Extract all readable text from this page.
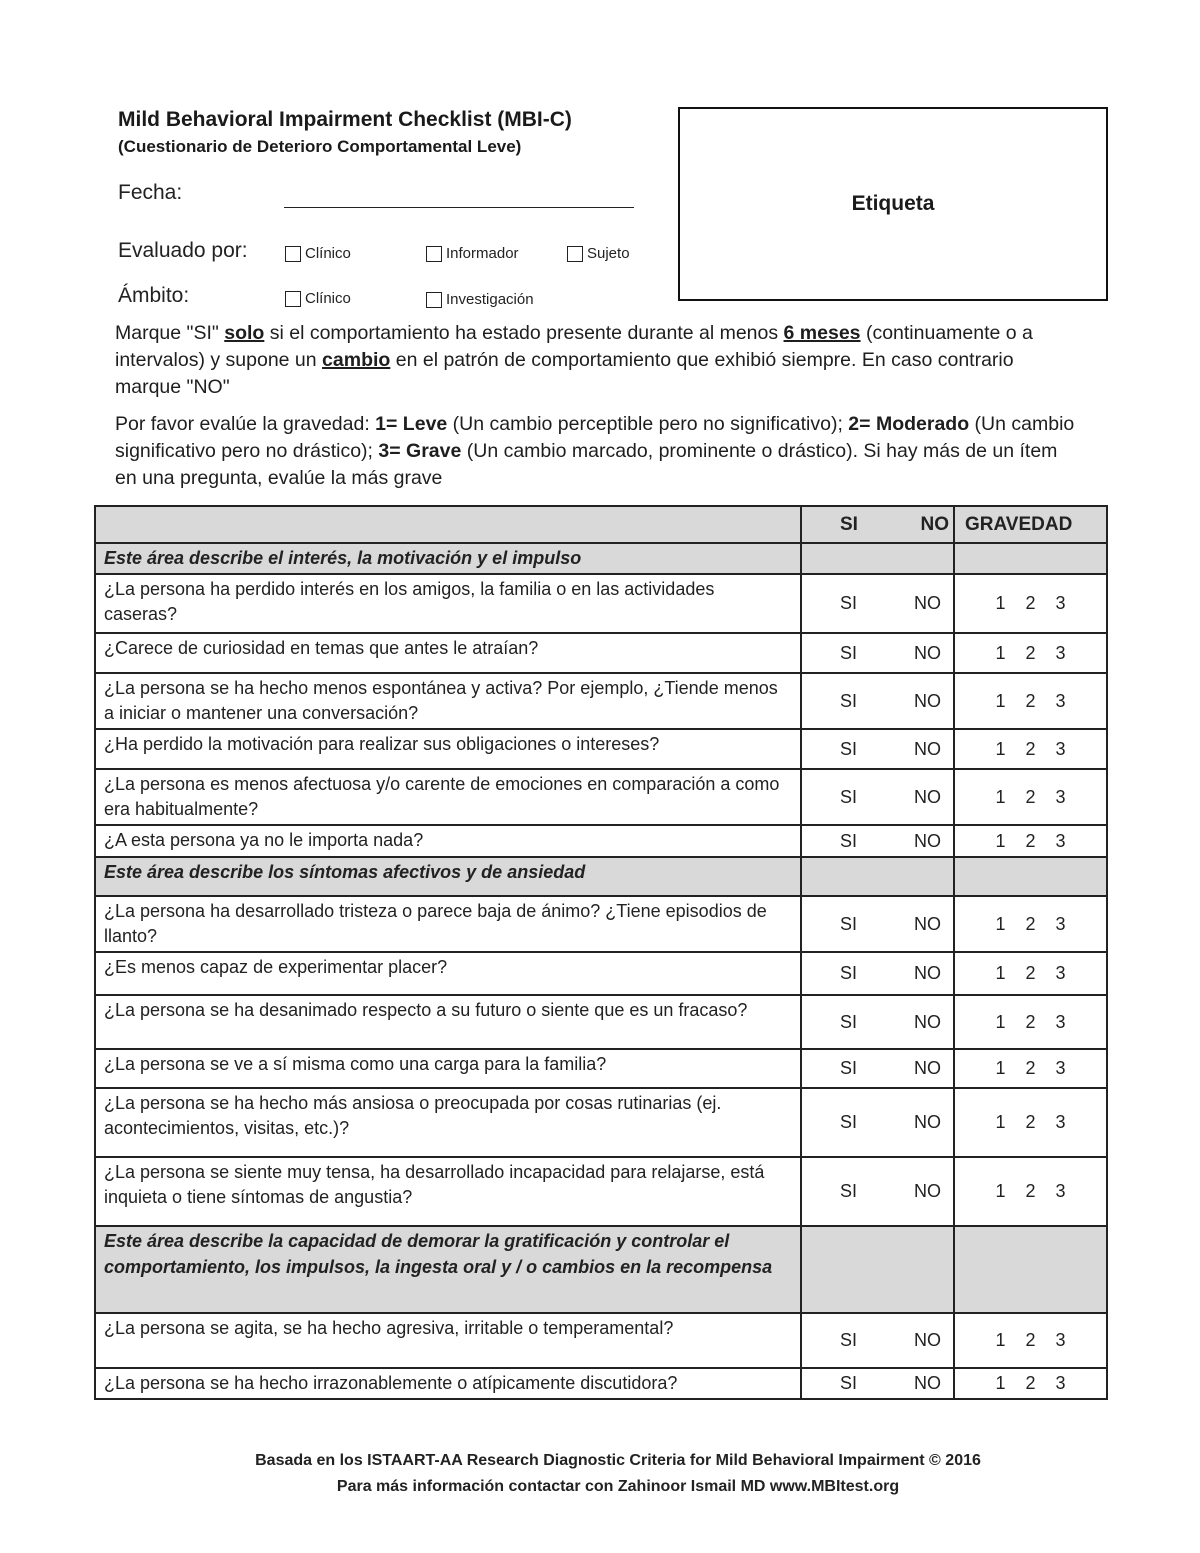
Mild Behavioral Impairment Checklist (MBI-C)
(Cuestionario de Deterioro Comportamental Leve)
Etiqueta
Fecha:
Evaluado por:	Clínico	Informador	Sujeto
Ámbito:	Clínico	Investigación
Marque "SI" solo si el comportamiento ha estado presente durante al menos 6 meses (continuamente o a intervalos) y supone un cambio en el patrón de comportamiento que exhibió siempre. En caso contrario marque "NO"
Por favor evalúe la gravedad: 1= Leve (Un cambio perceptible pero no significativo); 2= Moderado (Un cambio significativo pero no drástico); 3= Grave (Un cambio marcado, prominente o drástico). Si hay más de un ítem en una pregunta, evalúe la más grave

	SI NO	GRAVEDAD
Este área describe el interés, la motivación y el impulso		
¿La persona ha perdido interés en los amigos, la familia o en las actividades caseras?	SI NO	1 2 3
¿Carece de curiosidad en temas que antes le atraían?	SI NO	1 2 3
¿La persona se ha hecho menos espontánea y activa? Por ejemplo, ¿Tiende menos a iniciar o mantener una conversación?	SI NO	1 2 3
¿Ha perdido la motivación para realizar sus obligaciones o intereses?	SI NO	1 2 3
¿La persona es menos afectuosa y/o carente de emociones en comparación a como era habitualmente?	SI NO	1 2 3
¿A esta persona ya no le importa nada?	SI NO	1 2 3
Este área describe los síntomas afectivos y de ansiedad		
¿La persona ha desarrollado tristeza o parece baja de ánimo? ¿Tiene episodios de llanto?	SI NO	1 2 3
¿Es menos capaz de experimentar placer?	SI NO	1 2 3
¿La persona se ha desanimado respecto a su futuro o siente que es un fracaso?	SI NO	1 2 3
¿La persona se ve a sí misma como una carga para la familia?	SI NO	1 2 3
¿La persona se ha hecho más ansiosa o preocupada por cosas rutinarias (ej. acontecimientos, visitas, etc.)?	SI NO	1 2 3
¿La persona se siente muy tensa, ha desarrollado incapacidad para relajarse, está inquieta o tiene síntomas de angustia?	SI NO	1 2 3
Este área describe la capacidad de demorar la gratificación y controlar el comportamiento, los impulsos, la ingesta oral y / o cambios en la recompensa		
¿La persona se agita, se ha hecho agresiva, irritable o temperamental?	SI NO	1 2 3
¿La persona se ha hecho irrazonablemente o atípicamente discutidora?	SI NO	1 2 3
Basada en los ISTAART-AA Research Diagnostic Criteria for Mild Behavioral Impairment © 2016
Para más información contactar con Zahinoor Ismail MD www.MBItest.org
